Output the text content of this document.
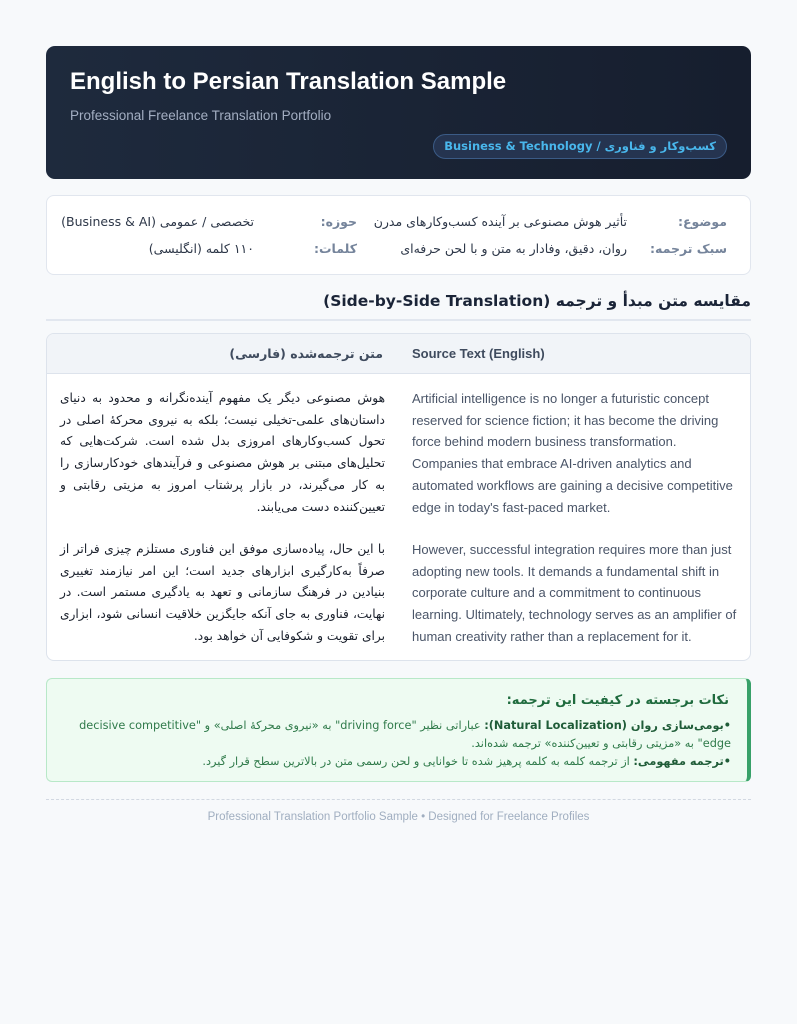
English to Persian Translation Sample
Professional Freelance Translation Portfolio
کسب‌وکار و فناوری / Business & Technology
موضوع:
تأثیر هوش مصنوعی بر آینده کسب‌وکارهای مدرن
حوزه:
تخصصی / عمومی (Business & AI)
سبک ترجمه:
روان، دقیق، وفادار به متن و با لحن حرفه‌ای
کلمات:
۱۱۰ کلمه (انگلیسی)
مقایسه متن مبدأ و ترجمه (Side-by-Side Translation)
Source Text (English)
متن ترجمه‌شده (فارسی)
Artificial intelligence is no longer a futuristic concept reserved for science fiction; it has become the driving force behind modern business transformation. Companies that embrace AI-driven analytics and automated workflows are gaining a decisive competitive edge in today's fast-paced market.
هوش مصنوعی دیگر یک مفهوم آینده‌نگرانه و محدود به دنیای داستان‌های علمی-تخیلی نیست؛ بلکه به نیروی محرکهٔ اصلی در تحول کسب‌وکارهای امروزی بدل شده است. شرکت‌هایی که تحلیل‌های مبتنی بر هوش مصنوعی و فرآیندهای خودکارسازی را به کار می‌گیرند، در بازار پرشتاب امروز به مزیتی رقابتی و تعیین‌کننده دست می‌یابند.
However, successful integration requires more than just adopting new tools. It demands a fundamental shift in corporate culture and a commitment to continuous learning. Ultimately, technology serves as an amplifier of human creativity rather than a replacement for it.
با این حال، پیاده‌سازی موفق این فناوری مستلزم چیزی فراتر از صرفاً به‌کارگیری ابزارهای جدید است؛ این امر نیازمند تغییری بنیادین در فرهنگ سازمانی و تعهد به یادگیری مستمر است. در نهایت، فناوری به جای آنکه جایگزین خلاقیت انسانی شود، ابزاری برای تقویت و شکوفایی آن خواهد بود.
نکات برجسته در کیفیت این ترجمه:
•بومی‌سازی روان (Natural Localization): عباراتی نظیر "driving force" به «نیروی محرکهٔ اصلی» و "decisive competitive edge" به «مزیتی رقابتی و تعیین‌کننده» ترجمه شده‌اند.
•ترجمه مفهومی: از ترجمه کلمه به کلمه پرهیز شده تا خوانایی و لحن رسمی متن در بالاترین سطح قرار گیرد.
Professional Translation Portfolio Sample • Designed for Freelance Profiles
